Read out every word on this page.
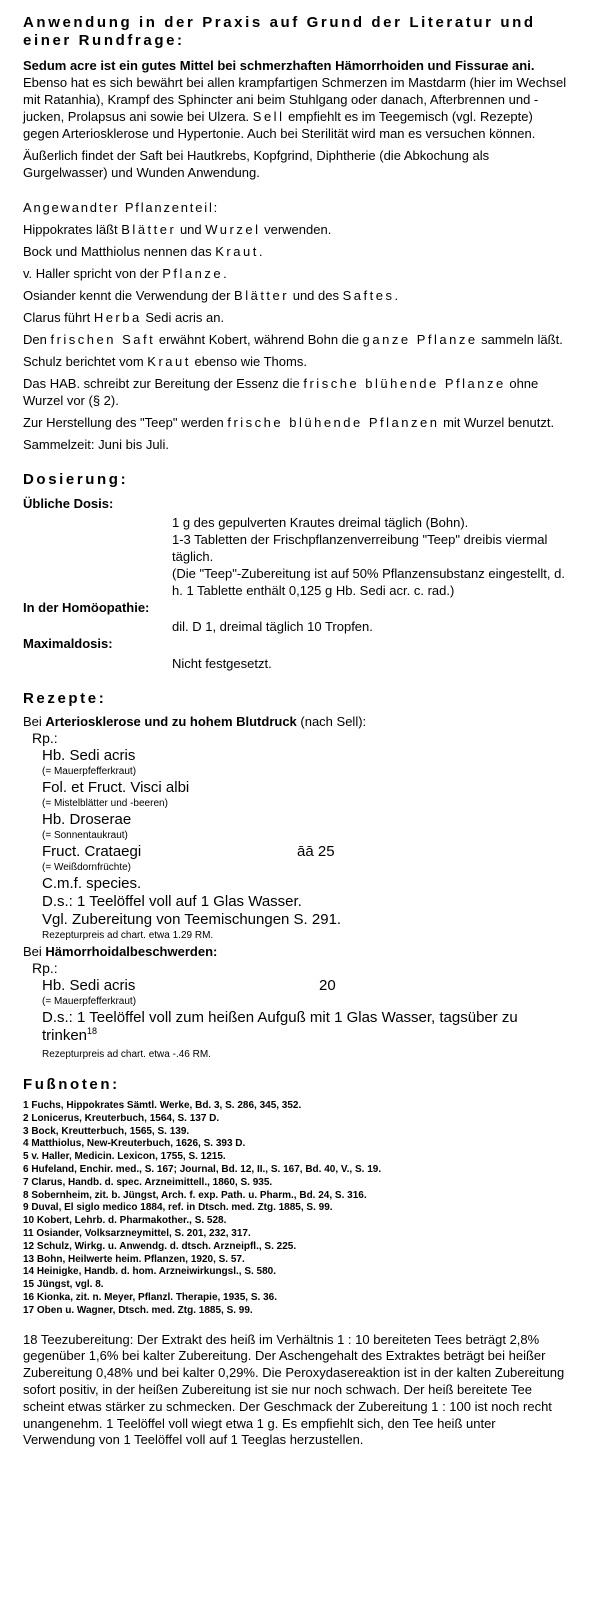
Anwendung in der Praxis auf Grund der Literatur und einer Rundfrage:
Sedum acre ist ein gutes Mittel bei schmerzhaften Hämorrhoiden und Fissurae ani. Ebenso hat es sich bewährt bei allen krampfartigen Schmerzen im Mastdarm (hier im Wechsel mit Ratanhia), Krampf des Sphincter ani beim Stuhlgang oder danach, Afterbrennen und -jucken, Prolapsus ani sowie bei Ulzera. Sell empfiehlt es im Teegemisch (vgl. Rezepte) gegen Arteriosklerose und Hypertonie. Auch bei Sterilität wird man es versuchen können.
Äußerlich findet der Saft bei Hautkrebs, Kopfgrind, Diphtherie (die Abkochung als Gurgelwasser) und Wunden Anwendung.
Angewandter Pflanzenteil:
Hippokrates läßt Blätter und Wurzel verwenden.
Bock und Matthiolus nennen das Kraut.
v. Haller spricht von der Pflanze.
Osiander kennt die Verwendung der Blätter und des Saftes.
Clarus führt Herba Sedi acris an.
Den frischen Saft erwähnt Kobert, während Bohn die ganze Pflanze sammeln läßt.
Schulz berichtet vom Kraut ebenso wie Thoms.
Das HAB. schreibt zur Bereitung der Essenz die frische blühende Pflanze ohne Wurzel vor (§ 2).
Zur Herstellung des "Teep" werden frische blühende Pflanzen mit Wurzel benutzt.
Sammelzeit: Juni bis Juli.
Dosierung:
Übliche Dosis:
1 g des gepulverten Krautes dreimal täglich (Bohn).
1-3 Tabletten der Frischpflanzenverreibung "Teep" dreibis viermal täglich.
(Die "Teep"-Zubereitung ist auf 50% Pflanzensubstanz eingestellt, d. h. 1 Tablette enthält 0,125 g Hb. Sedi acr. c. rad.)
In der Homöopathie:
dil. D 1, dreimal täglich 10 Tropfen.
Maximaldosis:
Nicht festgesetzt.
Rezepte:
Bei Arteriosklerose und zu hohem Blutdruck (nach Sell):
Rp.:
Hb. Sedi acris
(= Mauerpfefferkraut)
Fol. et Fruct. Visci albi
(= Mistelblätter und -beeren)
Hb. Droserae
(= Sonnentaukraut)
Fruct. Crataegi	āā 25
(= Weißdornfrüchte)
C.m.f. species.
D.s.: 1 Teelöffel voll auf 1 Glas Wasser.
Vgl. Zubereitung von Teemischungen S. 291.
Rezepturpreis ad chart. etwa 1.29 RM.
Bei Hämorrhoidalbeschwerden:
Rp.:
Hb. Sedi acris	20
(= Mauerpfefferkraut)
D.s.: 1 Teelöffel voll zum heißen Aufguß mit 1 Glas Wasser, tagsüber zu trinken$^{18}$
Rezepturpreis ad chart. etwa -.46 RM.
Fußnoten:
1 Fuchs, Hippokrates Sämtl. Werke, Bd. 3, S. 286, 345, 352.
2 Lonicerus, Kreuterbuch, 1564, S. 137 D.
3 Bock, Kreutterbuch, 1565, S. 139.
4 Matthiolus, New-Kreuterbuch, 1626, S. 393 D.
5 v. Haller, Medicin. Lexicon, 1755, S. 1215.
6 Hufeland, Enchir. med., S. 167; Journal, Bd. 12, II., S. 167, Bd. 40, V., S. 19.
7 Clarus, Handb. d. spec. Arzneimittell., 1860, S. 935.
8 Sobernheim, zit. b. Jüngst, Arch. f. exp. Path. u. Pharm., Bd. 24, S. 316.
9 Duval, El siglo medico 1884, ref. in Dtsch. med. Ztg. 1885, S. 99.
10 Kobert, Lehrb. d. Pharmakother., S. 528.
11 Osiander, Volksarzneymittel, S. 201, 232, 317.
12 Schulz, Wirkg. u. Anwendg. d. dtsch. Arzneipfl., S. 225.
13 Bohn, Heilwerte heim. Pflanzen, 1920, S. 57.
14 Heinigke, Handb. d. hom. Arzneiwirkungsl., S. 580.
15 Jüngst, vgl. 8.
16 Kionka, zit. n. Meyer, Pflanzl. Therapie, 1935, S. 36.
17 Oben u. Wagner, Dtsch. med. Ztg. 1885, S. 99.
18 Teezubereitung: Der Extrakt des heiß im Verhältnis 1 : 10 bereiteten Tees beträgt 2,8% gegenüber 1,6% bei kalter Zubereitung. Der Aschengehalt des Extraktes beträgt bei heißer Zubereitung 0,48% und bei kalter 0,29%. Die Peroxydasereaktion ist in der kalten Zubereitung sofort positiv, in der heißen Zubereitung ist sie nur noch schwach. Der heiß bereitete Tee scheint etwas stärker zu schmecken. Der Geschmack der Zubereitung 1 : 100 ist noch recht unangenehm. 1 Teelöffel voll wiegt etwa 1 g. Es empfiehlt sich, den Tee heiß unter Verwendung von 1 Teelöffel voll auf 1 Teeglas herzustellen.
